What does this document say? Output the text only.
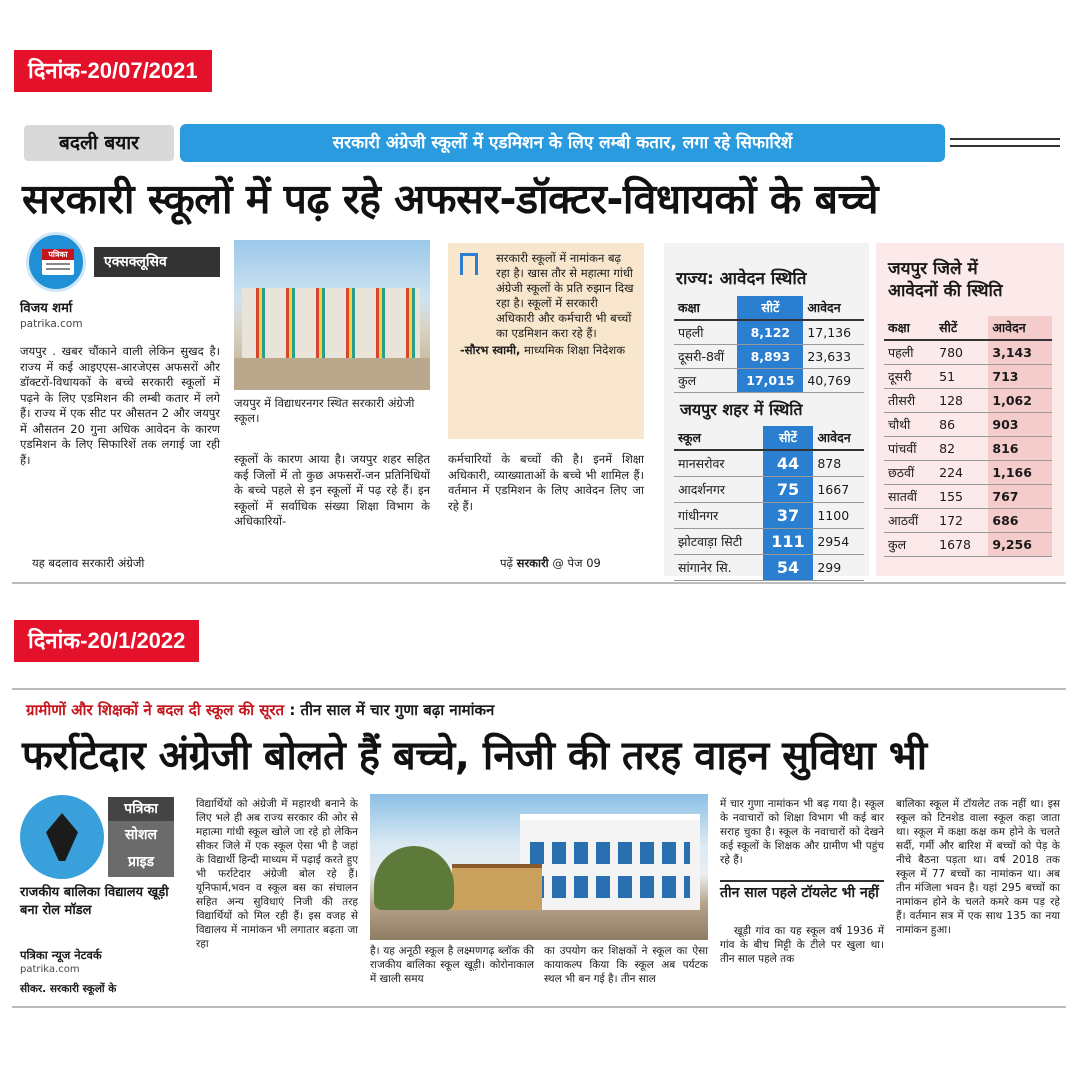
दिनांक-20/07/2021
बदली बयार	सरकारी अंग्रेजी स्कूलों में एडमिशन के लिए लम्बी कतार, लगा रहे सिफारिशें
सरकारी स्कूलों में पढ़ रहे अफसर-डॉक्टर-विधायकों के बच्चे
पत्रिका	एक्सक्लूसिव
विजय शर्मा
patrika.com
जयपुर . खबर चौंकाने वाली लेकिन सुखद है। राज्य में कई आइएएस-आरजेएस अफसरों और डॉक्टरों-विधायकों के बच्चे सरकारी स्कूलों में पढ़ने के लिए एडमिशन की लम्बी कतार में लगे हैं। राज्य में एक सीट पर औसतन 2 और जयपुर में औसतन 20 गुना अधिक आवेदन के कारण एडमिशन के लिए सिफारिशें तक लगाई जा रही हैं।
यह बदलाव सरकारी अंग्रेजी
जयपुर में विद्याधरनगर स्थित सरकारी अंग्रेजी स्कूल।
स्कूलों के कारण आया है। जयपुर शहर सहित कई जिलों में तो कुछ अफसरों-जन प्रतिनिधियों के बच्चे पहले से इन स्कूलों में पढ़ रहे हैं। इन स्कूलों में सर्वाधिक संख्या शिक्षा विभाग के अधिकारियों-
सरकारी स्कूलों में नामांकन बढ़ रहा है। खास तौर से महात्मा गांधी अंग्रेजी स्कूलों के प्रति रुझान दिख रहा है। स्कूलों में सरकारी अधिकारी और कर्मचारी भी बच्चों का एडमिशन करा रहे हैं।
-सौरभ स्वामी, माध्यमिक शिक्षा निदेशक
कर्मचारियों के बच्चों की है। इनमें शिक्षा अधिकारी, व्याख्याताओं के बच्चे भी शामिल हैं। वर्तमान में एडमिशन के लिए आवेदन लिए जा रहे हैं।
पढ़ें सरकारी @ पेज 09
राज्य: आवेदन स्थिति
कक्षा	सीटें	आवेदन
पहली	8,122	17,136
दूसरी-8वीं	8,893	23,633
कुल	17,015	40,769
जयपुर शहर में स्थिति
स्कूल	सीटें	आवेदन
मानसरोवर	44	878
आदर्शनगर	75	1667
गांधीनगर	37	1100
झोटवाड़ा सिटी	111	2954
सांगानेर सि.	54	299
जयपुर जिले में
आवेदनों की स्थिति
कक्षा	सीटें	आवेदन
पहली	780	3,143
दूसरी	51	713
तीसरी	128	1,062
चौथी	86	903
पांचवीं	82	816
छठवीं	224	1,166
सातवीं	155	767
आठवीं	172	686
कुल	1678	9,256
दिनांक-20/1/2022
ग्रामीणों और शिक्षकों ने बदल दी स्कूल की सूरत : तीन साल में चार गुणा बढ़ा नामांकन
फर्राटेदार अंग्रेजी बोलते हैं बच्चे, निजी की तरह वाहन सुविधा भी
पत्रिका
सोशल
प्राइड
राजकीय बालिका विद्यालय खूड़ी बना रोल मॉडल
पत्रिका न्यूज नेटवर्क
patrika.com
सीकर. सरकारी स्कूलों के
विद्यार्थियों को अंग्रेजी में महारथी बनाने के लिए भले ही अब राज्य सरकार की ओर से महात्मा गांधी स्कूल खोले जा रहे हो लेकिन सीकर जिले में एक स्कूल ऐसा भी है जहां के विद्यार्थी हिन्दी माध्यम में पढ़ाई करते हुए भी फर्राटेदार अंग्रेजी बोल रहे हैं। यूनिफार्म,भवन व स्कूल बस का संचालन सहित अन्य सुविधाएं निजी की तरह विद्यार्थियों को मिल रही हैं। इस वजह से विद्यालय में नामांकन भी लगातार बढ़ता जा रहा
है। यह अनूठी स्कूल है लक्ष्मणगढ़ ब्लॉक की राजकीय बालिका स्कूल खूड़ी। कोरोनाकाल में खाली समय
का उपयोग कर शिक्षकों ने स्कूल का ऐसा कायाकल्प किया कि स्कूल अब पर्यटक स्थल भी बन गई है। तीन साल
में चार गुणा नामांकन भी बढ़ गया है। स्कूल के नवाचारों को शिक्षा विभाग भी कई बार सराह चुका है। स्कूल के नवाचारों को देखने कई स्कूलों के शिक्षक और ग्रामीण भी पहुंच रहे हैं।
तीन साल पहले टॉयलेट भी नहीं
खूड़ी गांव का यह स्कूल वर्ष 1936 में गांव के बीच मिट्टी के टीले पर खुला था। तीन साल पहले तक
बालिका स्कूल में टॉयलेट तक नहीं था। इस स्कूल को टिनशेड वाला स्कूल कहा जाता था। स्कूल में कक्षा कक्ष कम होने के चलते सर्दी, गर्मी और बारिश में बच्चों को पेड़ के नीचे बैठना पड़ता था। वर्ष 2018 तक स्कूल में 77 बच्चों का नामांकन था। अब तीन मंजिला भवन है। यहां 295 बच्चों का नामांकन होने के चलते कमरे कम पड़ रहे हैं। वर्तमान सत्र में एक साथ 135 का नया नामांकन हुआ।
